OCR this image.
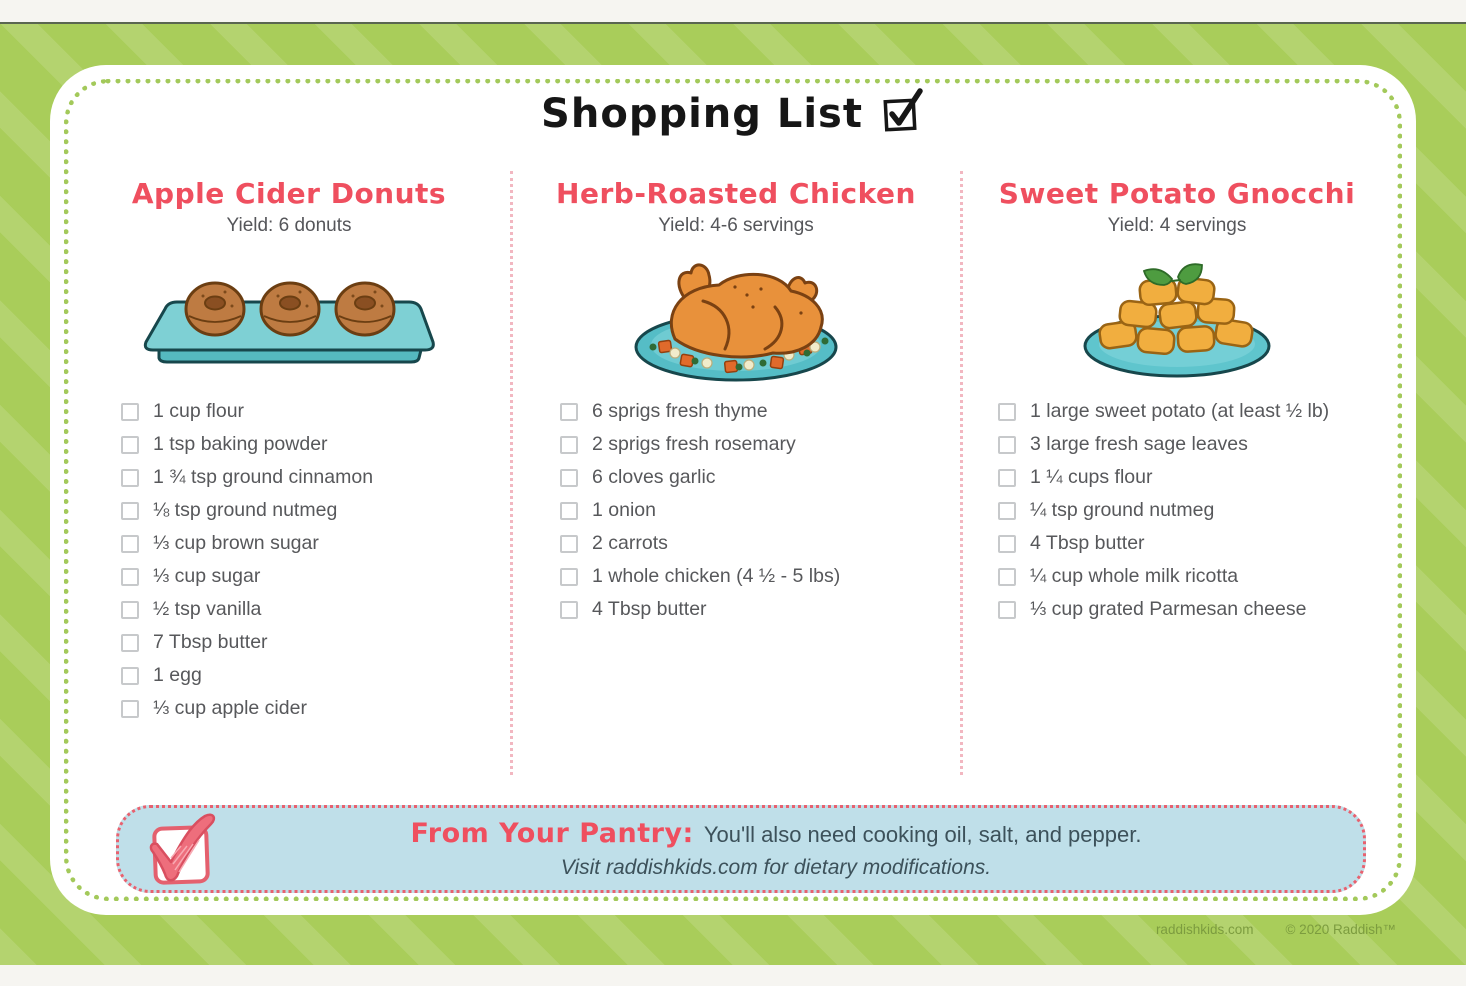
Shopping List
Apple Cider Donuts
Yield: 6 donuts
1 cup flour
1 tsp baking powder
1 ¾ tsp ground cinnamon
⅛ tsp ground nutmeg
⅓ cup brown sugar
⅓ cup sugar
½ tsp vanilla
7 Tbsp butter
1 egg
⅓ cup apple cider
Herb-Roasted Chicken
Yield: 4-6 servings
6 sprigs fresh thyme
2 sprigs fresh rosemary
6 cloves garlic
1 onion
2 carrots
1 whole chicken (4 ½ - 5 lbs)
4 Tbsp butter
Sweet Potato Gnocchi
Yield: 4 servings
1 large sweet potato (at least ½ lb)
3 large fresh sage leaves
1 ¼ cups flour
¼ tsp ground nutmeg
4 Tbsp butter
¼ cup whole milk ricotta
⅓ cup grated Parmesan cheese
From Your Pantry: You'll also need cooking oil, salt, and pepper.
Visit raddishkids.com for dietary modifications.
raddishkids.com © 2020 Raddish™
